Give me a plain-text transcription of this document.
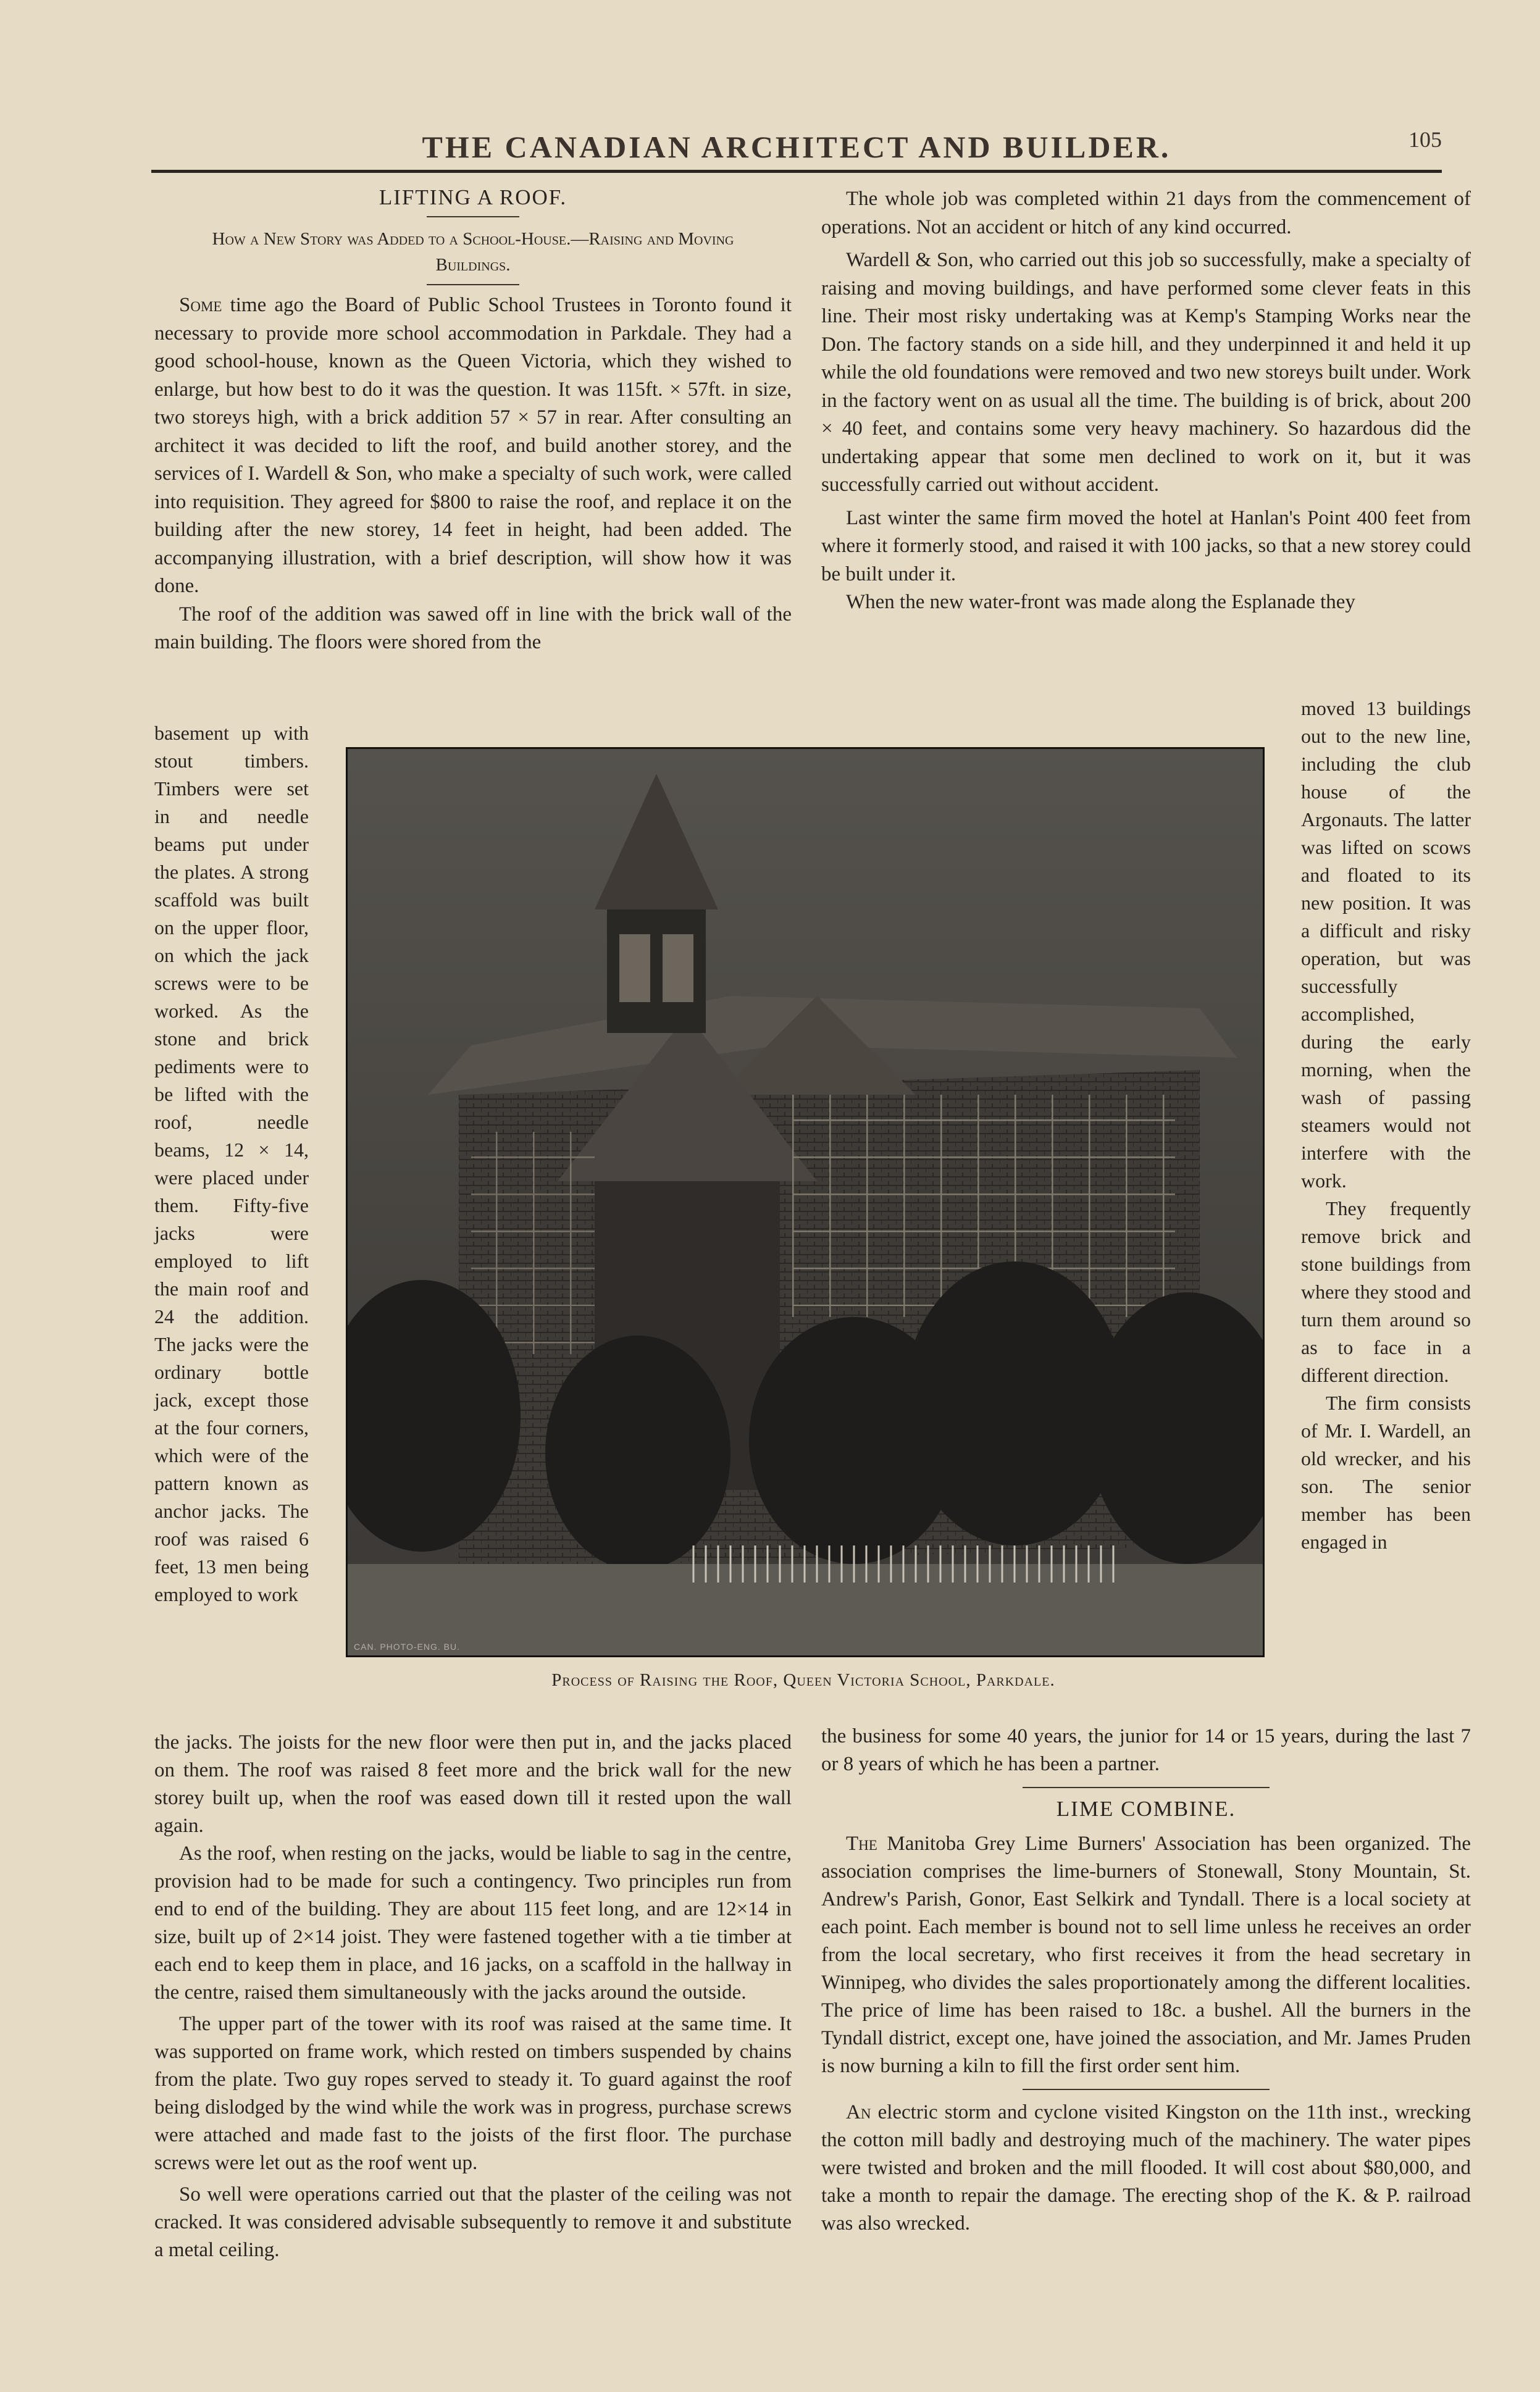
THE CANADIAN ARCHITECT AND BUILDER.	105
LIFTING A ROOF.
How a New Story was Added to a School-House.—Raising and Moving Buildings.

Some time ago the Board of Public School Trustees in Toronto found it necessary to provide more school accommodation in Parkdale. They had a good school-house, known as the Queen Victoria, which they wished to enlarge, but how best to do it was the question. It was 115ft. × 57ft. in size, two storeys high, with a brick addition 57 × 57 in rear. After consulting an architect it was decided to lift the roof, and build another storey, and the services of I. Wardell & Son, who make a specialty of such work, were called into requisition. They agreed for $800 to raise the roof, and replace it on the building after the new storey, 14 feet in height, had been added. The accompanying illustration, with a brief description, will show how it was done.

The roof of the addition was sawed off in line with the brick wall of the main building. The floors were shored from the

basement up with stout timbers. Timbers were set in and needle beams put under the plates. A strong scaffold was built on the upper floor, on which the jack screws were to be worked. As the stone and brick pediments were to be lifted with the roof, needle beams, 12 × 14, were placed under them. Fifty-five jacks were employed to lift the main roof and 24 the addition. The jacks were the ordinary bottle jack, except those at the four corners, which were of the pattern known as anchor jacks. The roof was raised 6 feet, 13 men being employed to work

CAN. PHOTO-ENG. BU.
Process of Raising the Roof, Queen Victoria School, Parkdale.

The whole job was completed within 21 days from the commencement of operations. Not an accident or hitch of any kind occurred.

Wardell & Son, who carried out this job so successfully, make a specialty of raising and moving buildings, and have performed some clever feats in this line. Their most risky undertaking was at Kemp's Stamping Works near the Don. The factory stands on a side hill, and they underpinned it and held it up while the old foundations were removed and two new storeys built under. Work in the factory went on as usual all the time. The building is of brick, about 200 × 40 feet, and contains some very heavy machinery. So hazardous did the undertaking appear that some men declined to work on it, but it was successfully carried out without accident.

Last winter the same firm moved the hotel at Hanlan's Point 400 feet from where it formerly stood, and raised it with 100 jacks, so that a new storey could be built under it.

When the new water-front was made along the Esplanade they

moved 13 buildings out to the new line, including the club house of the Argonauts. The latter was lifted on scows and floated to its new position. It was a difficult and risky operation, but was successfully accomplished, during the early morning, when the wash of passing steamers would not interfere with the work.

They frequently remove brick and stone buildings from where they stood and turn them around so as to face in a different direction.

The firm consists of Mr. I. Wardell, an old wrecker, and his son. The senior member has been engaged in

the jacks. The joists for the new floor were then put in, and the jacks placed on them. The roof was raised 8 feet more and the brick wall for the new storey built up, when the roof was eased down till it rested upon the wall again.

As the roof, when resting on the jacks, would be liable to sag in the centre, provision had to be made for such a contingency. Two principles run from end to end of the building. They are about 115 feet long, and are 12×14 in size, built up of 2×14 joist. They were fastened together with a tie timber at each end to keep them in place, and 16 jacks, on a scaffold in the hallway in the centre, raised them simultaneously with the jacks around the outside.

The upper part of the tower with its roof was raised at the same time. It was supported on frame work, which rested on timbers suspended by chains from the plate. Two guy ropes served to steady it. To guard against the roof being dislodged by the wind while the work was in progress, purchase screws were attached and made fast to the joists of the first floor. The purchase screws were let out as the roof went up.

So well were operations carried out that the plaster of the ceiling was not cracked. It was considered advisable subsequently to remove it and substitute a metal ceiling.

the business for some 40 years, the junior for 14 or 15 years, during the last 7 or 8 years of which he has been a partner.

LIME COMBINE.

The Manitoba Grey Lime Burners' Association has been organized. The association comprises the lime-burners of Stonewall, Stony Mountain, St. Andrew's Parish, Gonor, East Selkirk and Tyndall. There is a local society at each point. Each member is bound not to sell lime unless he receives an order from the local secretary, who first receives it from the head secretary in Winnipeg, who divides the sales proportionately among the different localities. The price of lime has been raised to 18c. a bushel. All the burners in the Tyndall district, except one, have joined the association, and Mr. James Pruden is now burning a kiln to fill the first order sent him.

An electric storm and cyclone visited Kingston on the 11th inst., wrecking the cotton mill badly and destroying much of the machinery. The water pipes were twisted and broken and the mill flooded. It will cost about $80,000, and take a month to repair the damage. The erecting shop of the K. & P. railroad was also wrecked.
